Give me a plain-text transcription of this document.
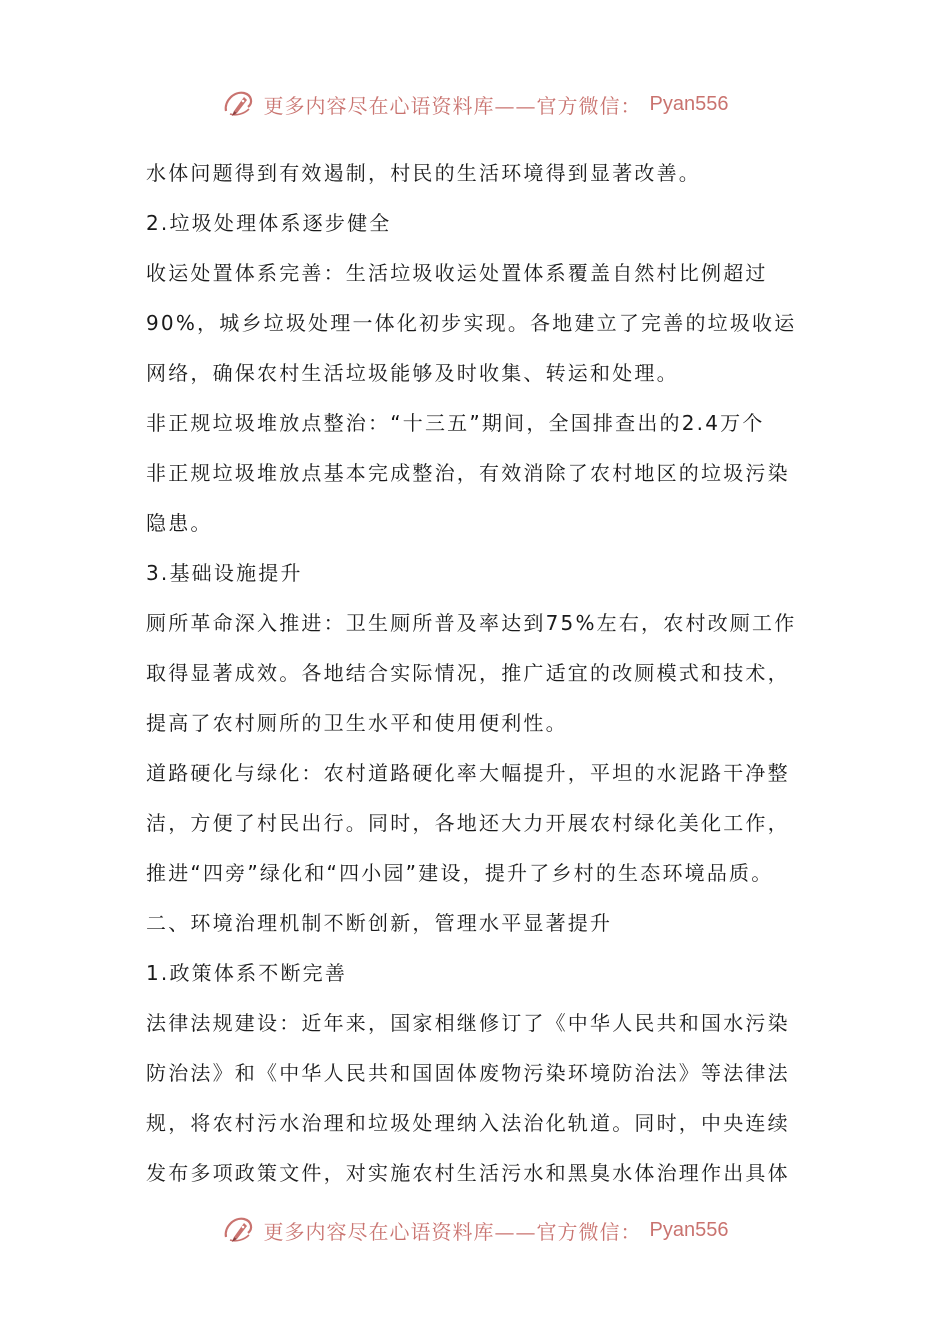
更多内容尽在心语资料库——官方微信： Pyan556
水体问题得到有效遏制，村民的生活环境得到显著改善。
2.垃圾处理体系逐步健全
收运处置体系完善：生活垃圾收运处置体系覆盖自然村比例超过
90%，城乡垃圾处理一体化初步实现。各地建立了完善的垃圾收运
网络，确保农村生活垃圾能够及时收集、转运和处理。
非正规垃圾堆放点整治：“十三五”期间，全国排查出的2.4万个
非正规垃圾堆放点基本完成整治，有效消除了农村地区的垃圾污染
隐患。
3.基础设施提升
厕所革命深入推进：卫生厕所普及率达到75%左右，农村改厕工作
取得显著成效。各地结合实际情况，推广适宜的改厕模式和技术，
提高了农村厕所的卫生水平和使用便利性。
道路硬化与绿化：农村道路硬化率大幅提升，平坦的水泥路干净整
洁，方便了村民出行。同时，各地还大力开展农村绿化美化工作，
推进“四旁”绿化和“四小园”建设，提升了乡村的生态环境品质。
二、环境治理机制不断创新，管理水平显著提升
1.政策体系不断完善
法律法规建设：近年来，国家相继修订了《中华人民共和国水污染
防治法》和《中华人民共和国固体废物污染环境防治法》等法律法
规，将农村污水治理和垃圾处理纳入法治化轨道。同时，中央连续
发布多项政策文件，对实施农村生活污水和黑臭水体治理作出具体
更多内容尽在心语资料库——官方微信： Pyan556
